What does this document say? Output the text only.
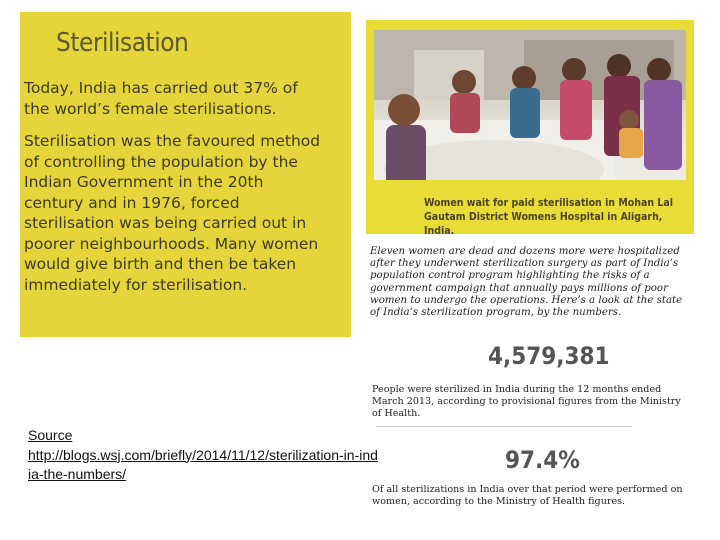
Sterilisation

Today, India has carried out 37% of the world’s female sterilisations.

Sterilisation was the favoured method of controlling the population by the Indian Government in the 20th century and in 1976, forced sterilisation was being carried out in poorer neighbourhoods. Many women would give birth and then be taken immediately for sterilisation.

Women wait for paid sterilisation in Mohan Lal Gautam District Womens Hospital in Aligarh, India.
Eleven women are dead and dozens more were hospitalized after they underwent sterilization surgery as part of India’s population control program highlighting the risks of a government campaign that annually pays millions of poor women to undergo the operations. Here’s a look at the state of India’s sterilization program, by the numbers.
4,579,381
People were sterilized in India during the 12 months ended March 2013, according to provisional figures from the Ministry of Health.
97.4%
Of all sterilizations in India over that period were performed on women, according to the Ministry of Health figures.
Source
http://blogs.wsj.com/briefly/2014/11/12/sterilization-in-india-the-numbers/
